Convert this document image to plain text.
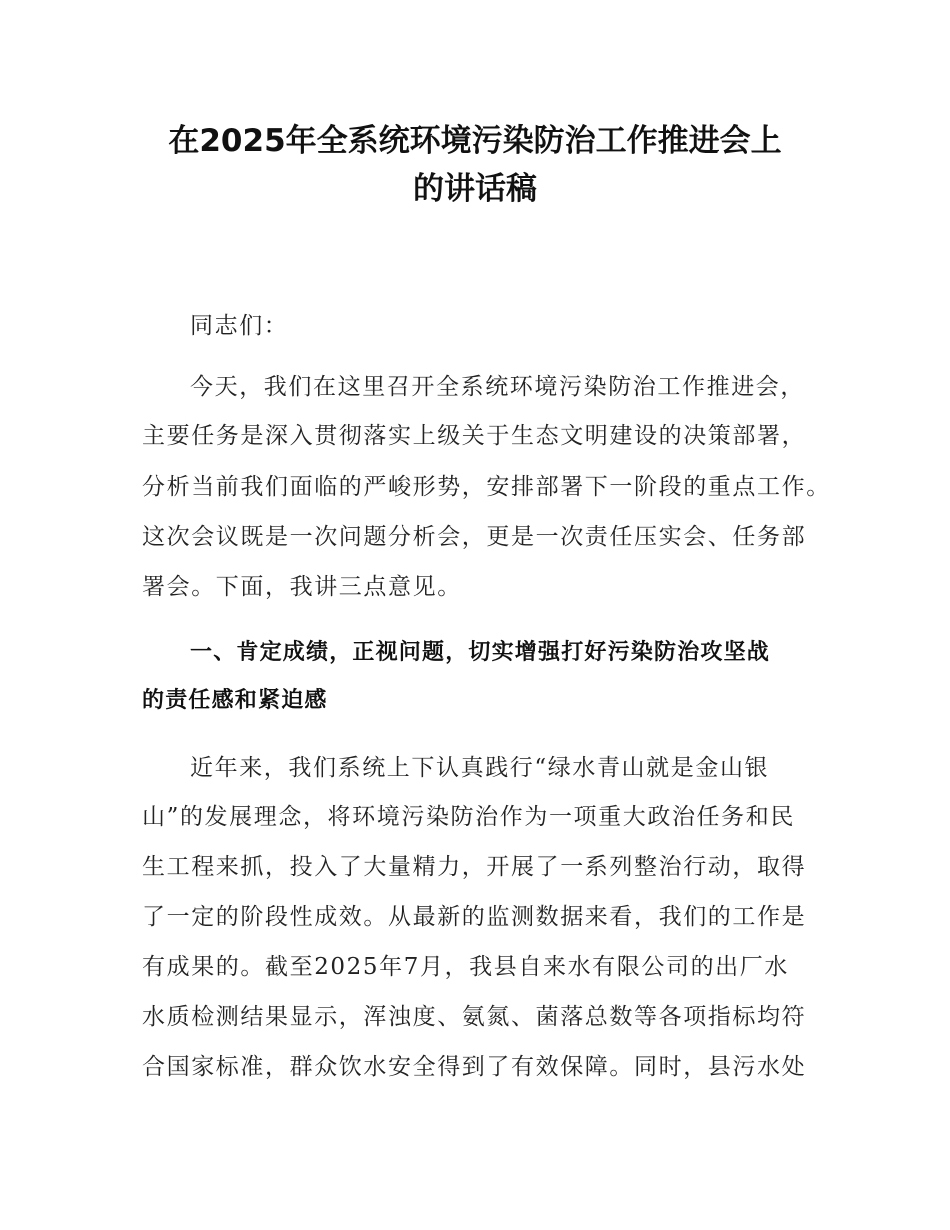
在2025年全系统环境污染防治工作推进会上
的讲话稿
同志们：
今天，我们在这里召开全系统环境污染防治工作推进会，
主要任务是深入贯彻落实上级关于生态文明建设的决策部署，
分析当前我们面临的严峻形势，安排部署下一阶段的重点工作。
这次会议既是一次问题分析会，更是一次责任压实会、任务部
署会。下面，我讲三点意见。
一、肯定成绩，正视问题，切实增强打好污染防治攻坚战
的责任感和紧迫感
近年来，我们系统上下认真践行“绿水青山就是金山银
山”的发展理念，将环境污染防治作为一项重大政治任务和民
生工程来抓，投入了大量精力，开展了一系列整治行动，取得
了一定的阶段性成效。从最新的监测数据来看，我们的工作是
有成果的。截至2025年7月，我县自来水有限公司的出厂水
水质检测结果显示，浑浊度、氨氮、菌落总数等各项指标均符
合国家标准，群众饮水安全得到了有效保障。同时，县污水处
